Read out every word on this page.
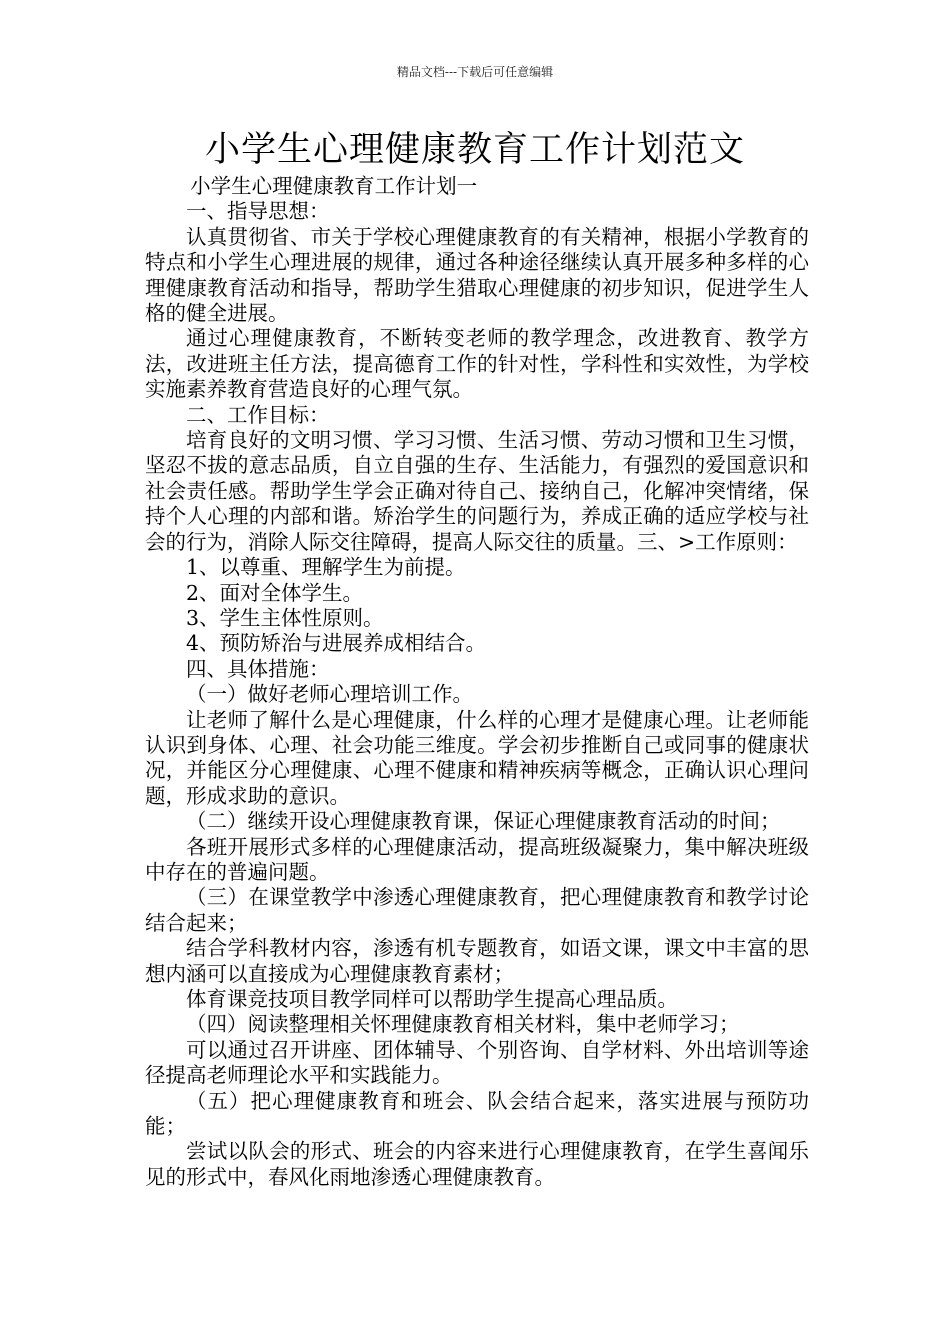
精品文档---下载后可任意编辑
小学生心理健康教育工作计划范文

小学生心理健康教育工作计划一

一、指导思想：

认真贯彻省、市关于学校心理健康教育的有关精神，根据小学教育的特点和小学生心理进展的规律，通过各种途径继续认真开展多种多样的心理健康教育活动和指导，帮助学生猎取心理健康的初步知识，促进学生人格的健全进展。

通过心理健康教育，不断转变老师的教学理念，改进教育、教学方法，改进班主任方法，提高德育工作的针对性，学科性和实效性，为学校实施素养教育营造良好的心理气氛。

二、工作目标：

培育良好的文明习惯、学习习惯、生活习惯、劳动习惯和卫生习惯，坚忍不拔的意志品质，自立自强的生存、生活能力，有强烈的爱国意识和社会责任感。帮助学生学会正确对待自己、接纳自己，化解冲突情绪，保持个人心理的内部和谐。矫治学生的问题行为，养成正确的适应学校与社会的行为，消除人际交往障碍，提高人际交往的质量。三、>工作原则：

1、以尊重、理解学生为前提。

2、面对全体学生。

3、学生主体性原则。

4、预防矫治与进展养成相结合。

四、具体措施：

（一）做好老师心理培训工作。

让老师了解什么是心理健康，什么样的心理才是健康心理。让老师能认识到身体、心理、社会功能三维度。学会初步推断自己或同事的健康状况，并能区分心理健康、心理不健康和精神疾病等概念，正确认识心理问题，形成求助的意识。

（二）继续开设心理健康教育课，保证心理健康教育活动的时间；

各班开展形式多样的心理健康活动，提高班级凝聚力，集中解决班级中存在的普遍问题。

（三）在课堂教学中渗透心理健康教育，把心理健康教育和教学讨论结合起来；

结合学科教材内容，渗透有机专题教育，如语文课，课文中丰富的思想内涵可以直接成为心理健康教育素材；

体育课竞技项目教学同样可以帮助学生提高心理品质。

（四）阅读整理相关怀理健康教育相关材料，集中老师学习；

可以通过召开讲座、团体辅导、个别咨询、自学材料、外出培训等途径提高老师理论水平和实践能力。

（五）把心理健康教育和班会、队会结合起来，落实进展与预防功能；

尝试以队会的形式、班会的内容来进行心理健康教育，在学生喜闻乐见的形式中，春风化雨地渗透心理健康教育。
